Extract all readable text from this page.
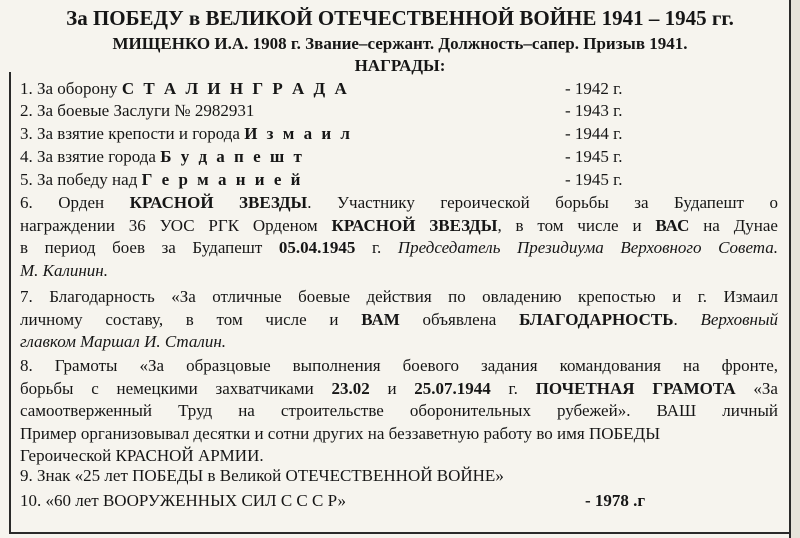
За ПОБЕДУ в ВЕЛИКОЙ ОТЕЧЕСТВЕННОЙ ВОЙНЕ 1941 – 1945 гг.
МИЩЕНКО И.А. 1908 г. Звание–сержант. Должность–сапер. Призыв 1941.
НАГРАДЫ:
1. За оборону С Т А Л И Н Г Р А Д А	- 1942 г.
2. За боевые Заслуги № 2982931	- 1943 г.
3. За взятие крепости и города И з м а и л	- 1944 г.
4. За взятие города Б у д а п е ш т	- 1945 г.
5. За победу над Г е р м а н и е й	- 1945 г.
6. Орден КРАСНОЙ ЗВЕЗДЫ. Участнику героической борьбы за Будапешт о
награждении 36 УОС РГК Орденом КРАСНОЙ ЗВЕЗДЫ, в том числе и ВАС на Дунае
в период боев за Будапешт 05.04.1945 г. Председатель Президиума Верховного Совета.
М. Калинин.
7. Благодарность «За отличные боевые действия по овладению крепостью и г. Измаил
личному составу, в том числе и ВАМ объявлена БЛАГОДАРНОСТЬ. Верховный
главком Маршал И. Сталин.
8. Грамоты «За образцовые выполнения боевого задания командования на фронте,
борьбы с немецкими захватчиками 23.02 и 25.07.1944 г. ПОЧЕТНАЯ ГРАМОТА «За
самоотверженный Труд на строительстве оборонительных рубежей». ВАШ личный
Пример организовывал десятки и сотни других на беззаветную работу во имя ПОБЕДЫ
Героической КРАСНОЙ АРМИИ.
9. Знак «25 лет ПОБЕДЫ в Великой ОТЕЧЕСТВЕННОЙ ВОЙНЕ»
10. «60 лет ВООРУЖЕННЫХ СИЛ С С С Р»	- 1978 .г
